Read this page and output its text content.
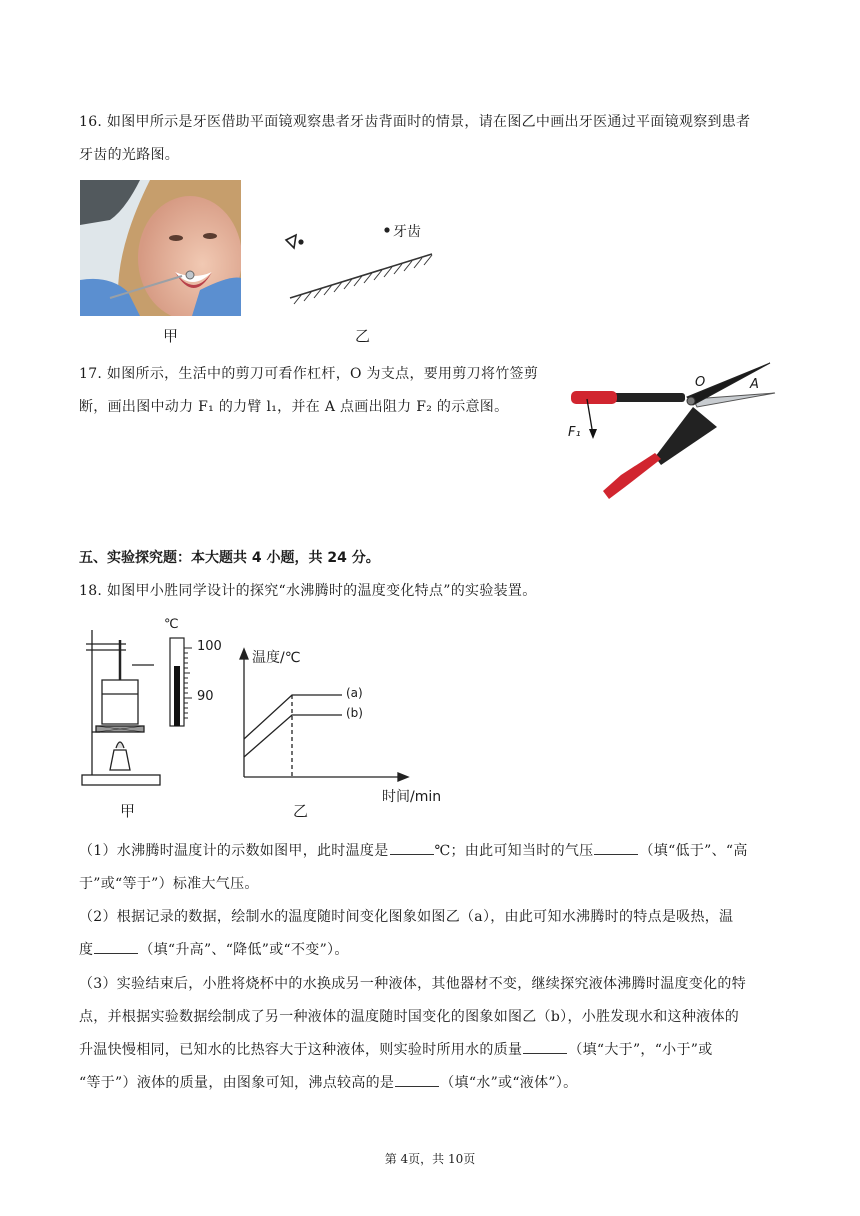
16. 如图甲所示是牙医借助平面镜观察患者牙齿背面时的情景，请在图乙中画出牙医通过平面镜观察到患者
牙齿的光路图。
甲
牙齿
乙
17. 如图所示，生活中的剪刀可看作杠杆，O 为支点，要用剪刀将竹签剪
断，画出图中动力 F₁ 的力臂 l₁，并在 A 点画出阻力 F₂ 的示意图。
O	A
F₁
五、实验探究题：本大题共 4 小题，共 24 分。
18. 如图甲小胜同学设计的探究“水沸腾时的温度变化特点”的实验装置。
℃
100
90
甲
温度/℃
(a)
(b)
时间/min
乙
（1）水沸腾时温度计的示数如图甲，此时温度是	℃；由此可知当时的气压	（填“低于”、“高
于”或“等于”）标准大气压。
（2）根据记录的数据，绘制水的温度随时间变化图象如图乙（a），由此可知水沸腾时的特点是吸热，温
度	（填“升高”、“降低”或“不变”）。
（3）实验结束后，小胜将烧杯中的水换成另一种液体，其他器材不变，继续探究液体沸腾时温度变化的特
点，并根据实验数据绘制成了另一种液体的温度随时国变化的图象如图乙（b），小胜发现水和这种液体的
升温快慢相同，已知水的比热容大于这种液体，则实验时所用水的质量	（填“大于”，“小于”或
“等于”）液体的质量，由图象可知，沸点较高的是	（填“水”或“液体”）。
第 4页，共 10页
